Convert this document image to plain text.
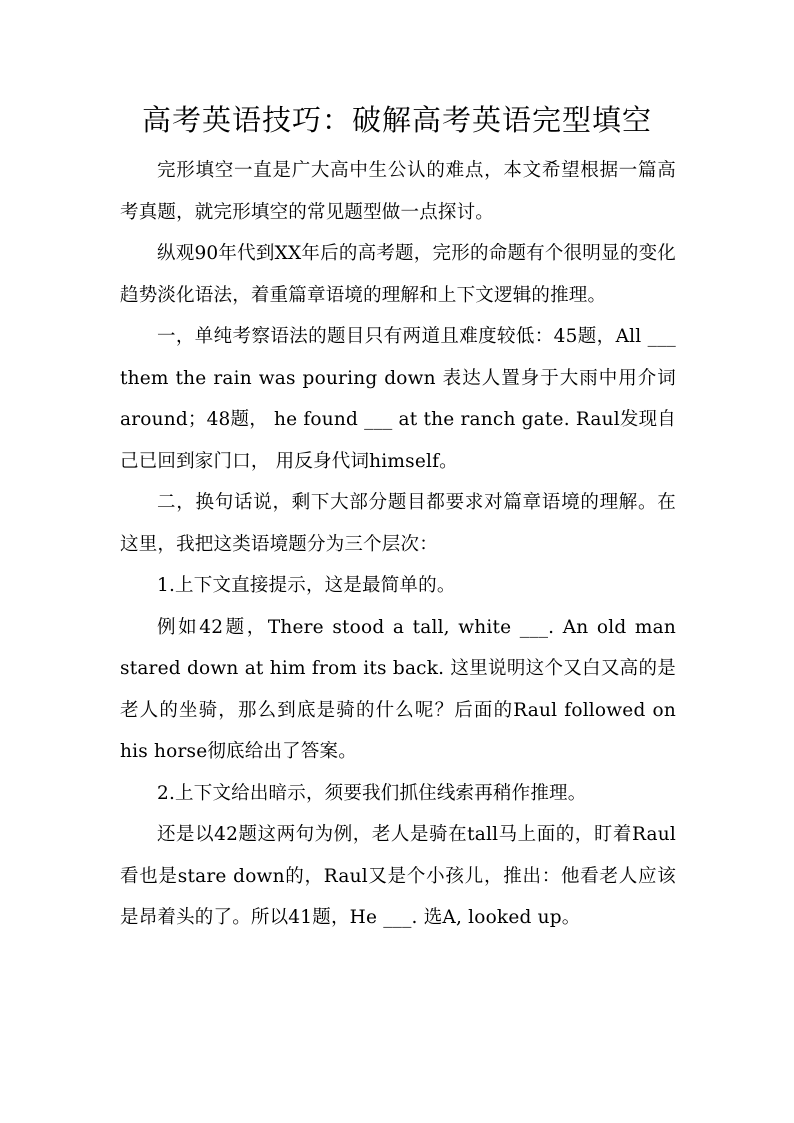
高考英语技巧：破解高考英语完型填空

完形填空一直是广大高中生公认的难点，本文希望根据一篇高考真题，就完形填空的常见题型做一点探讨。

纵观90年代到XX年后的高考题，完形的命题有个很明显的变化趋势淡化语法，着重篇章语境的理解和上下文逻辑的推理。

一，单纯考察语法的题目只有两道且难度较低：45题，All ___ them the rain was pouring down 表达人置身于大雨中用介词around；48题， he found ___ at the ranch gate. Raul发现自己已回到家门口， 用反身代词himself。

二，换句话说，剩下大部分题目都要求对篇章语境的理解。在这里，我把这类语境题分为三个层次：

1.上下文直接提示，这是最简单的。

例如42题，There stood a tall, white ___. An old man stared down at him from its back. 这里说明这个又白又高的是老人的坐骑，那么到底是骑的什么呢？后面的Raul followed on his horse彻底给出了答案。

2.上下文给出暗示，须要我们抓住线索再稍作推理。

还是以42题这两句为例，老人是骑在tall马上面的，盯着Raul看也是stare down的，Raul又是个小孩儿，推出：他看老人应该是昂着头的了。所以41题，He ___. 选A, looked up。
